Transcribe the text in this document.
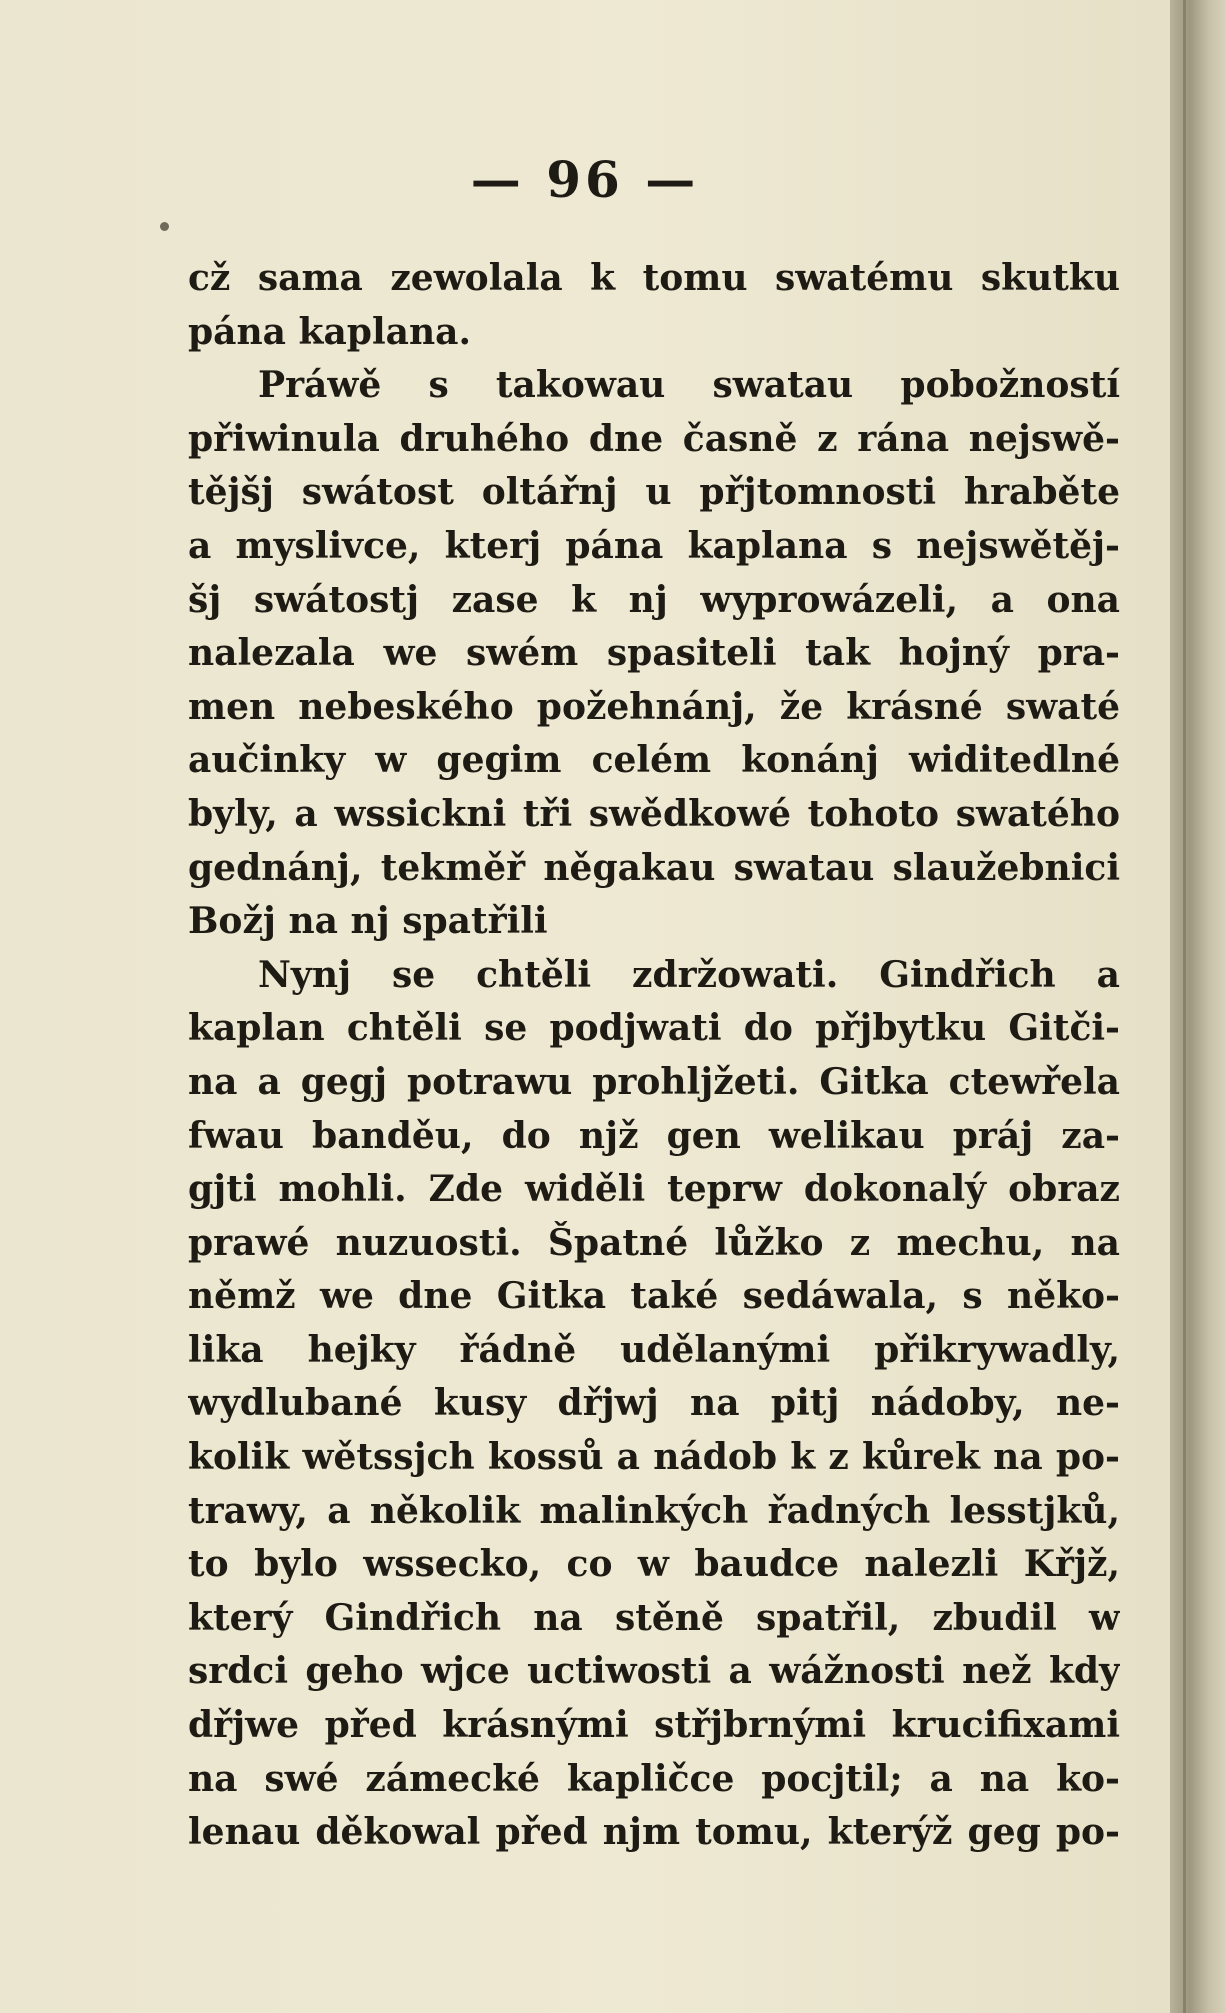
— 96 —
cž sama zewolala k tomu swatému skutku
pána kaplana.
Práwě s takowau swatau pobožností
přiwinula druhého dne časně z rána nejswě-
tějšj swátost oltářnj u přjtomnosti hraběte
a myslivce, kterj pána kaplana s nejswětěj-
šj swátostj zase k nj wyprowázeli, a ona
nalezala we swém spasiteli tak hojný pra-
men nebeského požehnánj, že krásné swaté
aučinky w gegim celém konánj widitedlné
byly, a wssickni tři swědkowé tohoto swatého
gednánj, tekměř něgakau swatau slaužebnici
Božj na nj spatřili
Nynj se chtěli zdržowati. Gindřich a
kaplan chtěli se podjwati do přjbytku Gitči-
na a gegj potrawu prohljžeti. Gitka ctewřela
fwau banděu, do njž gen welikau práj za-
gjti mohli. Zde widěli teprw dokonalý obraz
prawé nuzuosti. Špatné lůžko z mechu, na
němž we dne Gitka také sedáwala, s něko-
lika hejky řádně udělanými přikrywadly,
wydlubané kusy dřjwj na pitj nádoby, ne-
kolik wětssjch kossů a nádob k z kůrek na po-
trawy, a několik malinkých řadných lesstjků,
to bylo wssecko, co w baudce nalezli Křjž,
který Gindřich na stěně spatřil, zbudil w
srdci geho wjce uctiwosti a wážnosti než kdy
dřjwe před krásnými střjbrnými krucifixami
na swé zámecké kapličce pocjtil; a na ko-
lenau děkowal před njm tomu, kterýž geg po-
